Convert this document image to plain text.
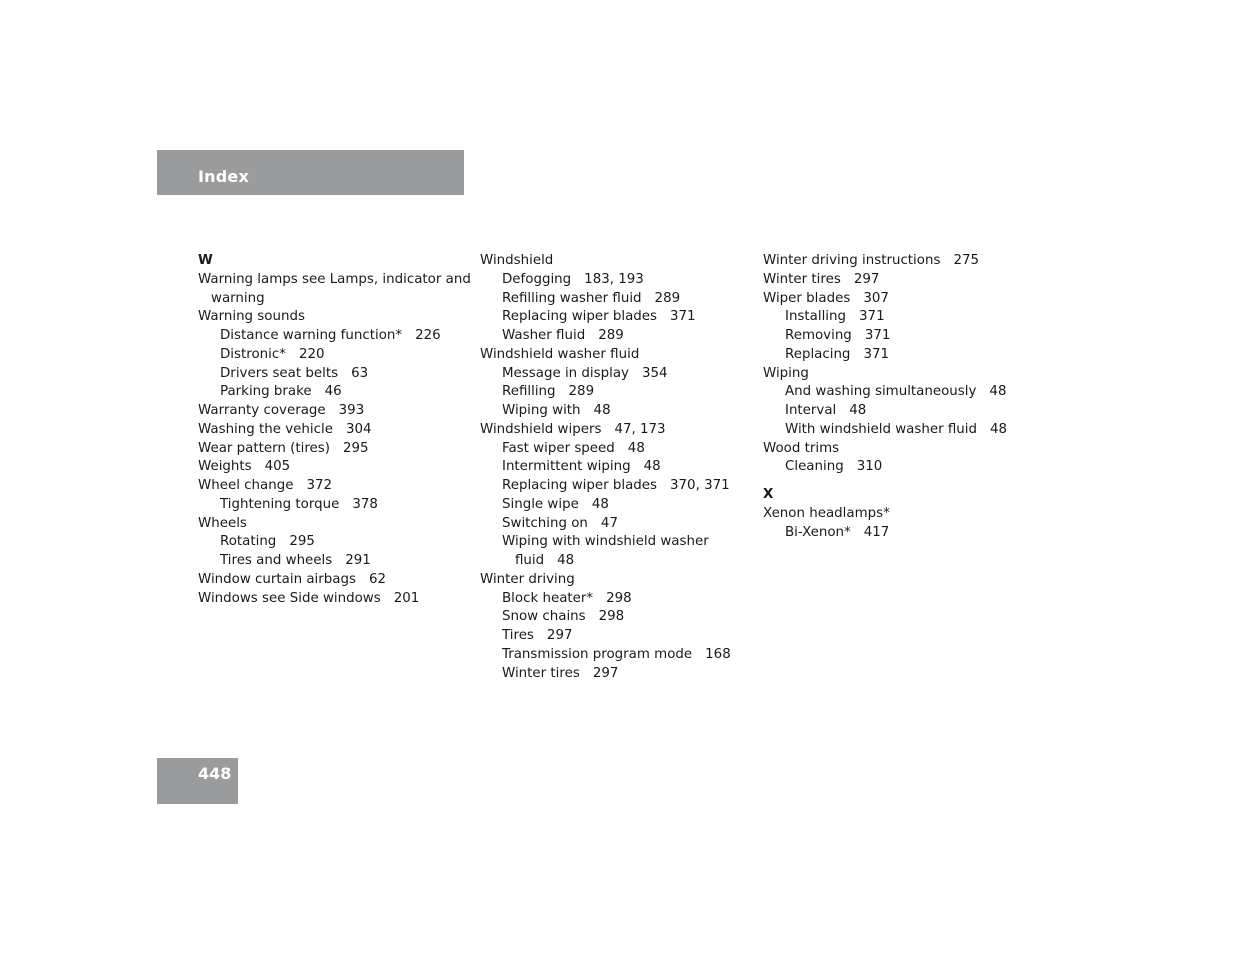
Index
W
Warning lamps see Lamps, indicator and
warning
Warning sounds
Distance warning function* 226
Distronic* 220
Drivers seat belts 63
Parking brake 46
Warranty coverage 393
Washing the vehicle 304
Wear pattern (tires) 295
Weights 405
Wheel change 372
Tightening torque 378
Wheels
Rotating 295
Tires and wheels 291
Window curtain airbags 62
Windows see Side windows 201
Windshield
Defogging 183, 193
Refilling washer fluid 289
Replacing wiper blades 371
Washer fluid 289
Windshield washer fluid
Message in display 354
Refilling 289
Wiping with 48
Windshield wipers 47, 173
Fast wiper speed 48
Intermittent wiping 48
Replacing wiper blades 370, 371
Single wipe 48
Switching on 47
Wiping with windshield washer
fluid 48
Winter driving
Block heater* 298
Snow chains 298
Tires 297
Transmission program mode 168
Winter tires 297
Winter driving instructions 275
Winter tires 297
Wiper blades 307
Installing 371
Removing 371
Replacing 371
Wiping
And washing simultaneously 48
Interval 48
With windshield washer fluid 48
Wood trims
Cleaning 310
X
Xenon headlamps*
Bi-Xenon* 417
448
